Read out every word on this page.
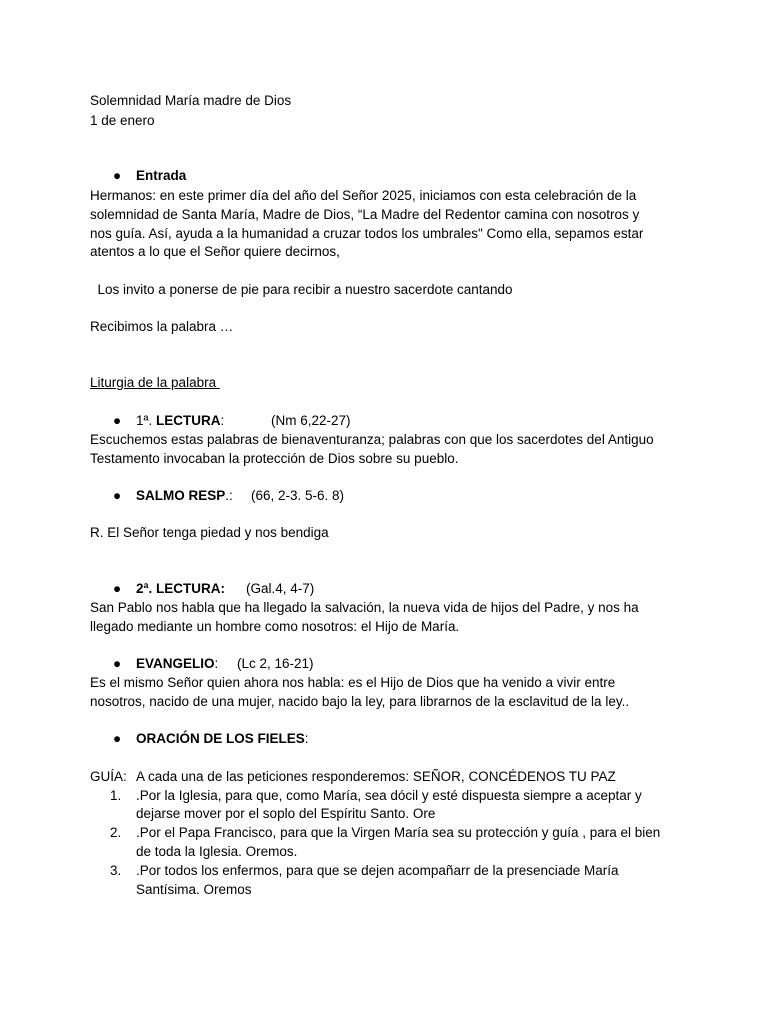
Solemnidad María madre de Dios
1 de enero
● Entrada
Hermanos: en este primer día del año del Señor 2025, iniciamos con esta celebración de la
solemnidad de Santa María, Madre de Dios, “La Madre del Redentor camina con nosotros y
nos guía. Así, ayuda a la humanidad a cruzar todos los umbrales" Como ella, sepamos estar
atentos a lo que el Señor quiere decirnos,
Los invito a ponerse de pie para recibir a nuestro sacerdote cantando
Recibimos la palabra …
Liturgia de la palabra
● 1ª. LECTURA:	(Nm 6,22-27)
Escuchemos estas palabras de bienaventuranza; palabras con que los sacerdotes del Antiguo
Testamento invocaban la protección de Dios sobre su pueblo.
● SALMO RESP.: (66, 2-3. 5-6. 8)
R. El Señor tenga piedad y nos bendiga
● 2ª. LECTURA: (Gal.4, 4-7)
San Pablo nos habla que ha llegado la salvación, la nueva vida de hijos del Padre, y nos ha
llegado mediante un hombre como nosotros: el Hijo de María.
● EVANGELIO: (Lc 2, 16-21)
Es el mismo Señor quien ahora nos habla: es el Hijo de Dios que ha venido a vivir entre
nosotros, nacido de una mujer, nacido bajo la ley, para librarnos de la esclavitud de la ley..
● ORACIÓN DE LOS FIELES:
GUÍA: A cada una de las peticiones responderemos: SEÑOR, CONCÉDENOS TU PAZ
1. .Por la Iglesia, para que, como María, sea dócil y esté dispuesta siempre a aceptar y
dejarse mover por el soplo del Espíritu Santo. Ore
2. .Por el Papa Francisco, para que la Virgen María sea su protección y guía , para el bien
de toda la Iglesia. Oremos.
3. .Por todos los enfermos, para que se dejen acompañarr de la presenciade María
Santísima. Oremos
